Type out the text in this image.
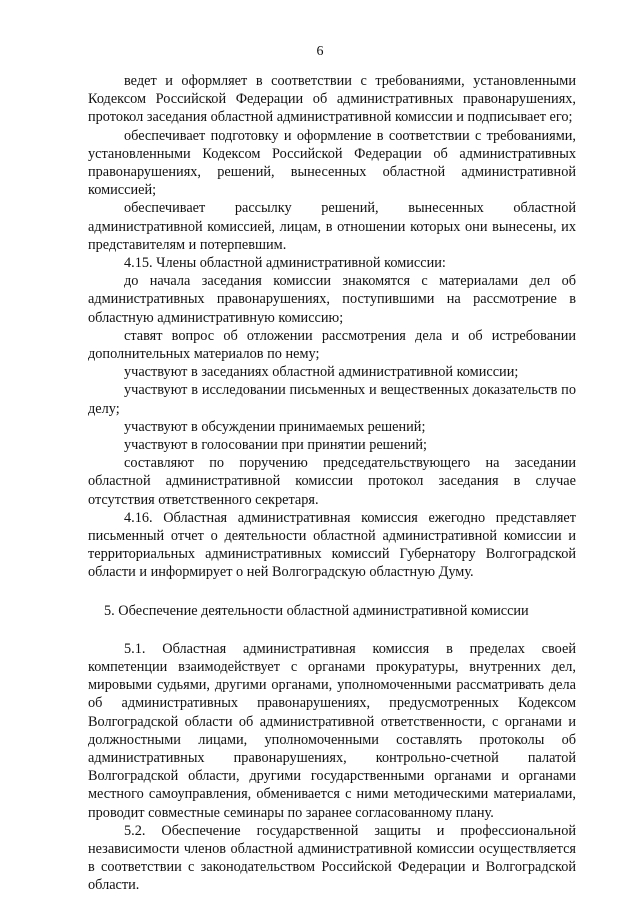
6

ведет и оформляет в соответствии с требованиями, установленными Кодексом Российской Федерации об административных правонарушениях, протокол заседания областной административной комиссии и подписывает его;

обеспечивает подготовку и оформление в соответствии с требованиями, установленными Кодексом Российской Федерации об административных правонарушениях, решений, вынесенных областной административной комиссией;

обеспечивает рассылку решений, вынесенных областной административной комиссией, лицам, в отношении которых они вынесены, их представителям и потерпевшим.

4.15. Члены областной административной комиссии:

до начала заседания комиссии знакомятся с материалами дел об административных правонарушениях, поступившими на рассмотрение в областную административную комиссию;

ставят вопрос об отложении рассмотрения дела и об истребовании дополнительных материалов по нему;

участвуют в заседаниях областной административной комиссии;

участвуют в исследовании письменных и вещественных доказательств по делу;

участвуют в обсуждении принимаемых решений;

участвуют в голосовании при принятии решений;

составляют по поручению председательствующего на заседании областной административной комиссии протокол заседания в случае отсутствия ответственного секретаря.

4.16. Областная административная комиссия ежегодно представляет письменный отчет о деятельности областной административной комиссии и территориальных административных комиссий Губернатору Волгоградской области и информирует о ней Волгоградскую областную Думу.

5. Обеспечение деятельности областной административной комиссии

5.1. Областная административная комиссия в пределах своей компетенции взаимодействует с органами прокуратуры, внутренних дел, мировыми судьями, другими органами, уполномоченными рассматривать дела об административных правонарушениях, предусмотренных Кодексом Волгоградской области об административной ответственности, с органами и должностными лицами, уполномоченными составлять протоколы об административных правонарушениях, контрольно-счетной палатой Волгоградской области, другими государственными органами и органами местного самоуправления, обменивается с ними методическими материалами, проводит совместные семинары по заранее согласованному плану.

5.2. Обеспечение государственной защиты и профессиональной независимости членов областной административной комиссии осуществляется в соответствии с законодательством Российской Федерации и Волгоградской области.
